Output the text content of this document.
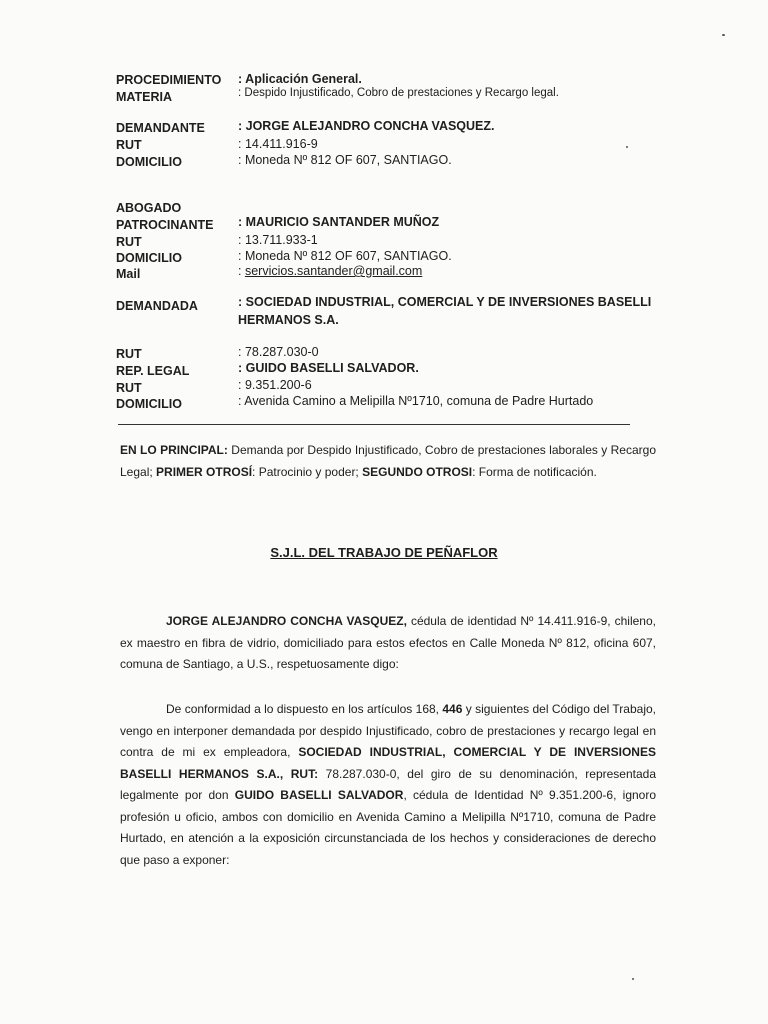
PROCEDIMIENTO : Aplicación General.
MATERIA	: Despido Injustificado, Cobro de prestaciones y Recargo legal.
DEMANDANTE	: JORGE ALEJANDRO CONCHA VASQUEZ.
RUT	: 14.411.916-9
DOMICILIO	: Moneda Nº 812 OF 607, SANTIAGO.
ABOGADO
PATROCINANTE : MAURICIO SANTANDER MUÑOZ
RUT	: 13.711.933-1
DOMICILIO	: Moneda Nº 812 OF 607, SANTIAGO.
Mail	: servicios.santander@gmail.com
DEMANDADA	: SOCIEDAD INDUSTRIAL, COMERCIAL Y DE INVERSIONES BASELLI
HERMANOS S.A.
RUT	: 78.287.030-0
REP. LEGAL	: GUIDO BASELLI SALVADOR.
RUT	: 9.351.200-6
DOMICILIO	: Avenida Camino a Melipilla Nº1710, comuna de Padre Hurtado
EN LO PRINCIPAL: Demanda por Despido Injustificado, Cobro de prestaciones laborales y Recargo Legal; PRIMER OTROSÍ: Patrocinio y poder; SEGUNDO OTROSI: Forma de notificación.
S.J.L. DEL TRABAJO DE PEÑAFLOR
JORGE ALEJANDRO CONCHA VASQUEZ, cédula de identidad Nº 14.411.916-9, chileno, ex maestro en fibra de vidrio, domiciliado para estos efectos en Calle Moneda Nº 812, oficina 607, comuna de Santiago, a U.S., respetuosamente digo:
De conformidad a lo dispuesto en los artículos 168, 446 y siguientes del Código del Trabajo, vengo en interponer demandada por despido Injustificado, cobro de prestaciones y recargo legal en contra de mi ex empleadora, SOCIEDAD INDUSTRIAL, COMERCIAL Y DE INVERSIONES BASELLI HERMANOS S.A., RUT: 78.287.030-0, del giro de su denominación, representada legalmente por don GUIDO BASELLI SALVADOR, cédula de Identidad Nº 9.351.200-6, ignoro profesión u oficio, ambos con domicilio en Avenida Camino a Melipilla Nº1710, comuna de Padre Hurtado, en atención a la exposición circunstanciada de los hechos y consideraciones de derecho que paso a exponer:
